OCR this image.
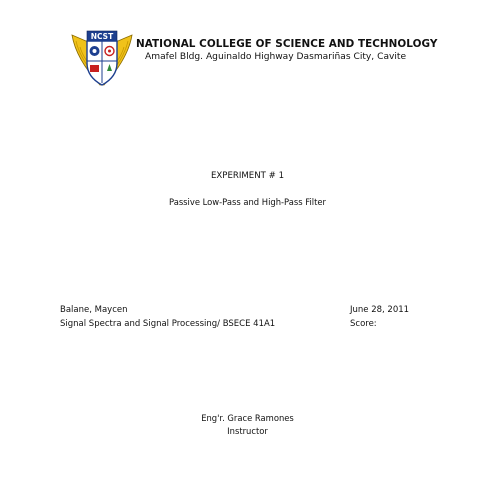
NCST
NATIONAL COLLEGE OF SCIENCE AND TECHNOLOGY
Amafel Bldg. Aguinaldo Highway Dasmariñas City, Cavite
EXPERIMENT # 1
Passive Low-Pass and High-Pass Filter
Balane, Maycen
Signal Spectra and Signal Processing/ BSECE 41A1
June 28, 2011
Score:
Eng'r. Grace Ramones
Instructor
